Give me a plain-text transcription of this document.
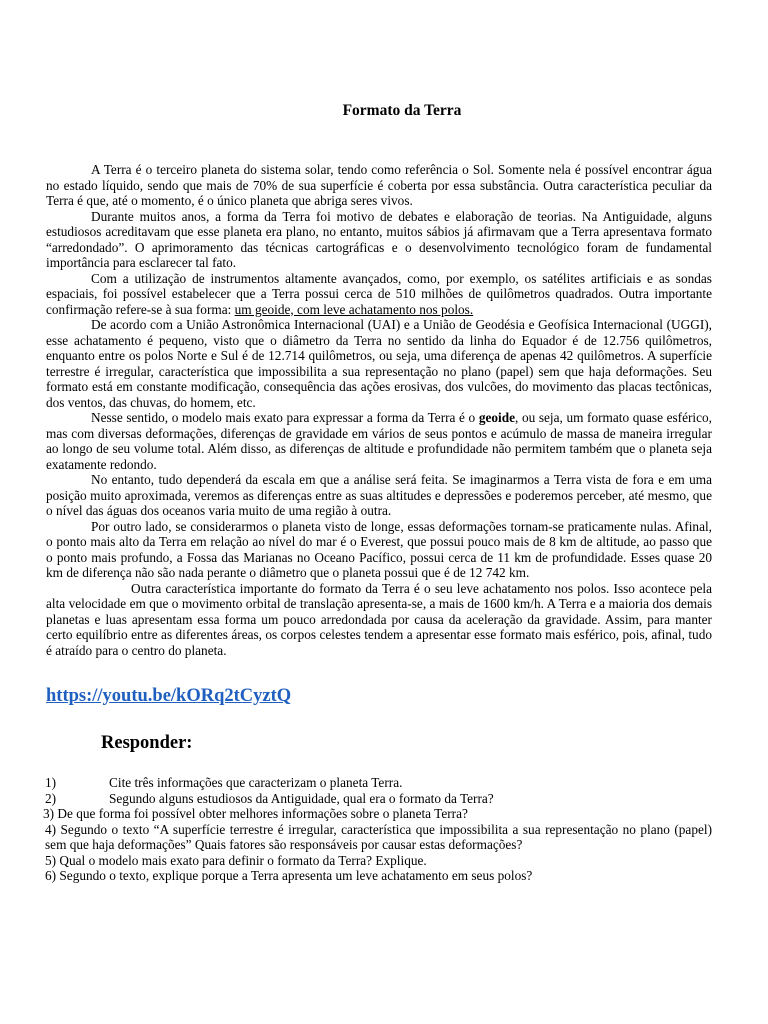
Formato da Terra

A Terra é o terceiro planeta do sistema solar, tendo como referência o Sol. Somente nela é possível encontrar água no estado líquido, sendo que mais de 70% de sua superfície é coberta por essa substância. Outra característica peculiar da Terra é que, até o momento, é o único planeta que abriga seres vivos.

Durante muitos anos, a forma da Terra foi motivo de debates e elaboração de teorias. Na Antiguidade, alguns estudiosos acreditavam que esse planeta era plano, no entanto, muitos sábios já afirmavam que a Terra apresentava formato “arredondado”. O aprimoramento das técnicas cartográficas e o desenvolvimento tecnológico foram de fundamental importância para esclarecer tal fato.

Com a utilização de instrumentos altamente avançados, como, por exemplo, os satélites artificiais e as sondas espaciais, foi possível estabelecer que a Terra possui cerca de 510 milhões de quilômetros quadrados. Outra importante confirmação refere-se à sua forma: um geoide, com leve achatamento nos polos.

De acordo com a União Astronômica Internacional (UAI) e a União de Geodésia e Geofísica Internacional (UGGI), esse achatamento é pequeno, visto que o diâmetro da Terra no sentido da linha do Equador é de 12.756 quilômetros, enquanto entre os polos Norte e Sul é de 12.714 quilômetros, ou seja, uma diferença de apenas 42 quilômetros. A superfície terrestre é irregular, característica que impossibilita a sua representação no plano (papel) sem que haja deformações. Seu formato está em constante modificação, consequência das ações erosivas, dos vulcões, do movimento das placas tectônicas, dos ventos, das chuvas, do homem, etc.

Nesse sentido, o modelo mais exato para expressar a forma da Terra é o geoide, ou seja, um formato quase esférico, mas com diversas deformações, diferenças de gravidade em vários de seus pontos e acúmulo de massa de maneira irregular ao longo de seu volume total. Além disso, as diferenças de altitude e profundidade não permitem também que o planeta seja exatamente redondo.

No entanto, tudo dependerá da escala em que a análise será feita. Se imaginarmos a Terra vista de fora e em uma posição muito aproximada, veremos as diferenças entre as suas altitudes e depressões e poderemos perceber, até mesmo, que o nível das águas dos oceanos varia muito de uma região à outra.

Por outro lado, se considerarmos o planeta visto de longe, essas deformações tornam-se praticamente nulas. Afinal, o ponto mais alto da Terra em relação ao nível do mar é o Everest, que possui pouco mais de 8 km de altitude, ao passo que o ponto mais profundo, a Fossa das Marianas no Oceano Pacífico, possui cerca de 11 km de profundidade. Esses quase 20 km de diferença não são nada perante o diâmetro que o planeta possui que é de 12 742 km.

Outra característica importante do formato da Terra é o seu leve achatamento nos polos. Isso acontece pela alta velocidade em que o movimento orbital de translação apresenta-se, a mais de 1600 km/h. A Terra e a maioria dos demais planetas e luas apresentam essa forma um pouco arredondada por causa da aceleração da gravidade. Assim, para manter certo equilíbrio entre as diferentes áreas, os corpos celestes tendem a apresentar esse formato mais esférico, pois, afinal, tudo é atraído para o centro do planeta.

https://youtu.be/kORq2tCyztQ
Responder:

1)	Cite três informações que caracterizam o planeta Terra.

2)	Segundo alguns estudiosos da Antiguidade, qual era o formato da Terra?

3) De que forma foi possível obter melhores informações sobre o planeta Terra?

4) Segundo o texto “A superfície terrestre é irregular, característica que impossibilita a sua representação no plano (papel) sem que haja deformações” Quais fatores são responsáveis por causar estas deformações?

5) Qual o modelo mais exato para definir o formato da Terra? Explique.

6) Segundo o texto, explique porque a Terra apresenta um leve achatamento em seus polos?
